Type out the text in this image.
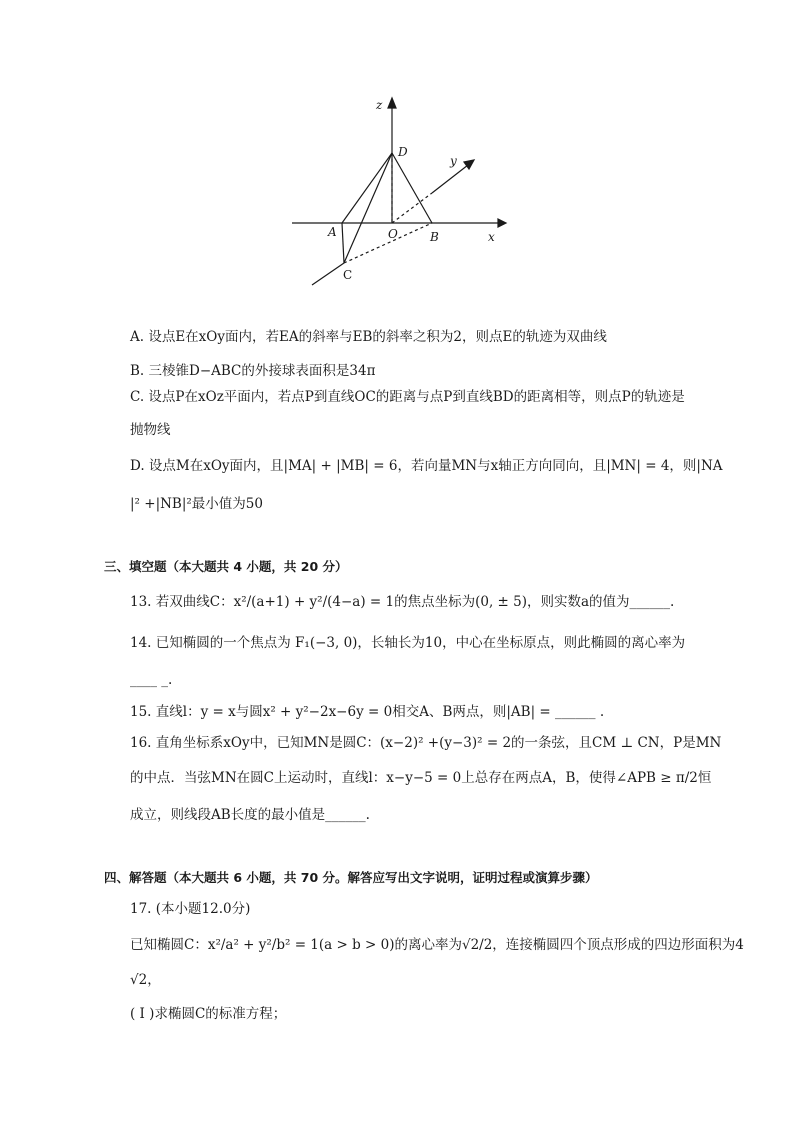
z
y
x
D
A	O	B
C
A. 设点E在xOy面内，若EA的斜率与EB的斜率之积为2，则点E的轨迹为双曲线
B. 三棱锥D−ABC的外接球表面积是34π
C. 设点P在xOz平面内，若点P到直线OC的距离与点P到直线BD的距离相等，则点P的轨迹是
抛物线
D. 设点M在xOy面内，且|MA| + |MB| = 6，若向量MN与x轴正方向同向，且|MN| = 4，则|NA
|² +|NB|²最小值为50
三、填空题（本大题共 4 小题，共 20 分）
13. 若双曲线C：x²/(a+1) + y²/(4−a) = 1的焦点坐标为(0, ± 5)，则实数a的值为______.
14. 已知椭圆的一个焦点为 F₁(−3, 0)，长轴长为10，中心在坐标原点，则此椭圆的离心率为
____ _.
15. 直线l：y = x与圆x² + y²−2x−6y = 0相交A、B两点，则|AB| = ______ .
16. 直角坐标系xOy中，已知MN是圆C：(x−2)² +(y−3)² = 2的一条弦，且CM ⊥ CN，P是MN
的中点．当弦MN在圆C上运动时，直线l：x−y−5 = 0上总存在两点A，B，使得∠APB ≥ π/2恒
成立，则线段AB长度的最小值是______.
四、解答题（本大题共 6 小题，共 70 分。解答应写出文字说明，证明过程或演算步骤）
17. (本小题12.0分)
已知椭圆C：x²/a² + y²/b² = 1(a > b > 0)的离心率为√2/2，连接椭圆四个顶点形成的四边形面积为4
√2，
( I )求椭圆C的标准方程；
